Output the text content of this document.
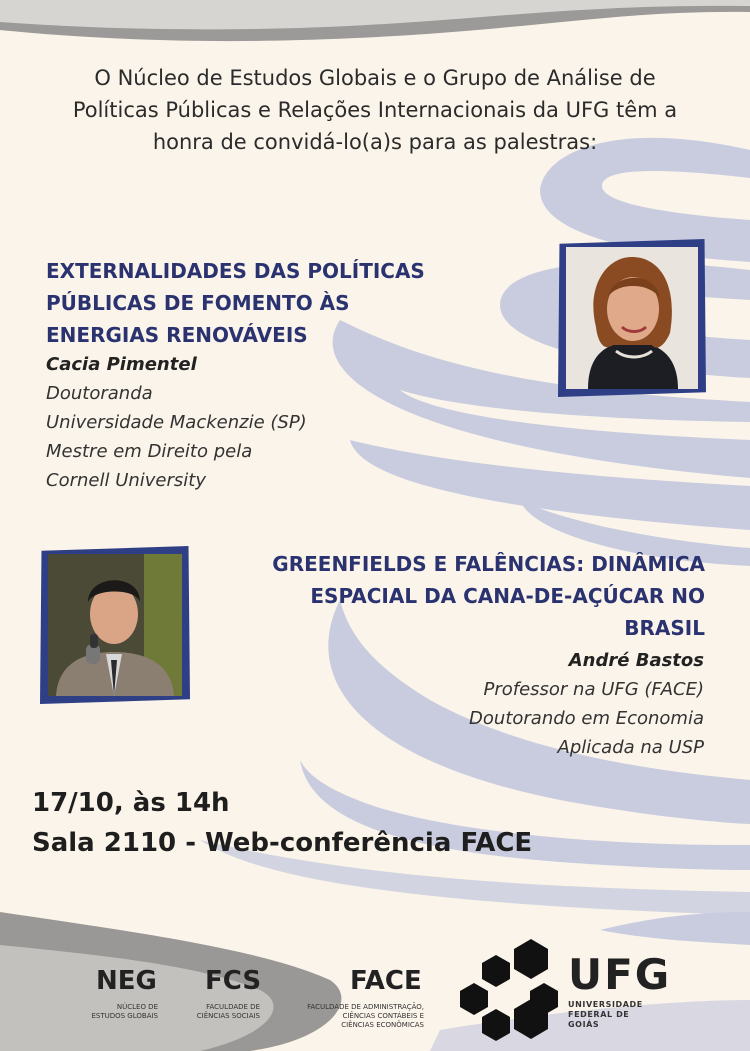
O Núcleo de Estudos Globais e o Grupo de Análise de
Políticas Públicas e Relações Internacionais da UFG têm a
honra de convidá-lo(a)s para as palestras:
EXTERNALIDADES DAS POLÍTICAS
PÚBLICAS DE FOMENTO ÀS
ENERGIAS RENOVÁVEIS
Cacia Pimentel
Doutoranda
Universidade Mackenzie (SP)
Mestre em Direito pela
Cornell University
GREENFIELDS E FALÊNCIAS: DINÂMICA
ESPACIAL DA CANA-DE-AÇÚCAR NO
BRASIL
André Bastos
Professor na UFG (FACE)
Doutorando em Economia
Aplicada na USP
17/10, às 14h
Sala 2110 - Web-conferência FACE
NEG
NÚCLEO DE
ESTUDOS GLOBAIS
FCS
FACULDADE DE
CIÊNCIAS SOCIAIS
FACE
FACULDADE DE ADMINISTRAÇÃO,
CIÊNCIAS CONTÁBEIS E
CIÊNCIAS ECONÔMICAS
UFG
UNIVERSIDADE
FEDERAL DE GOIÁS
